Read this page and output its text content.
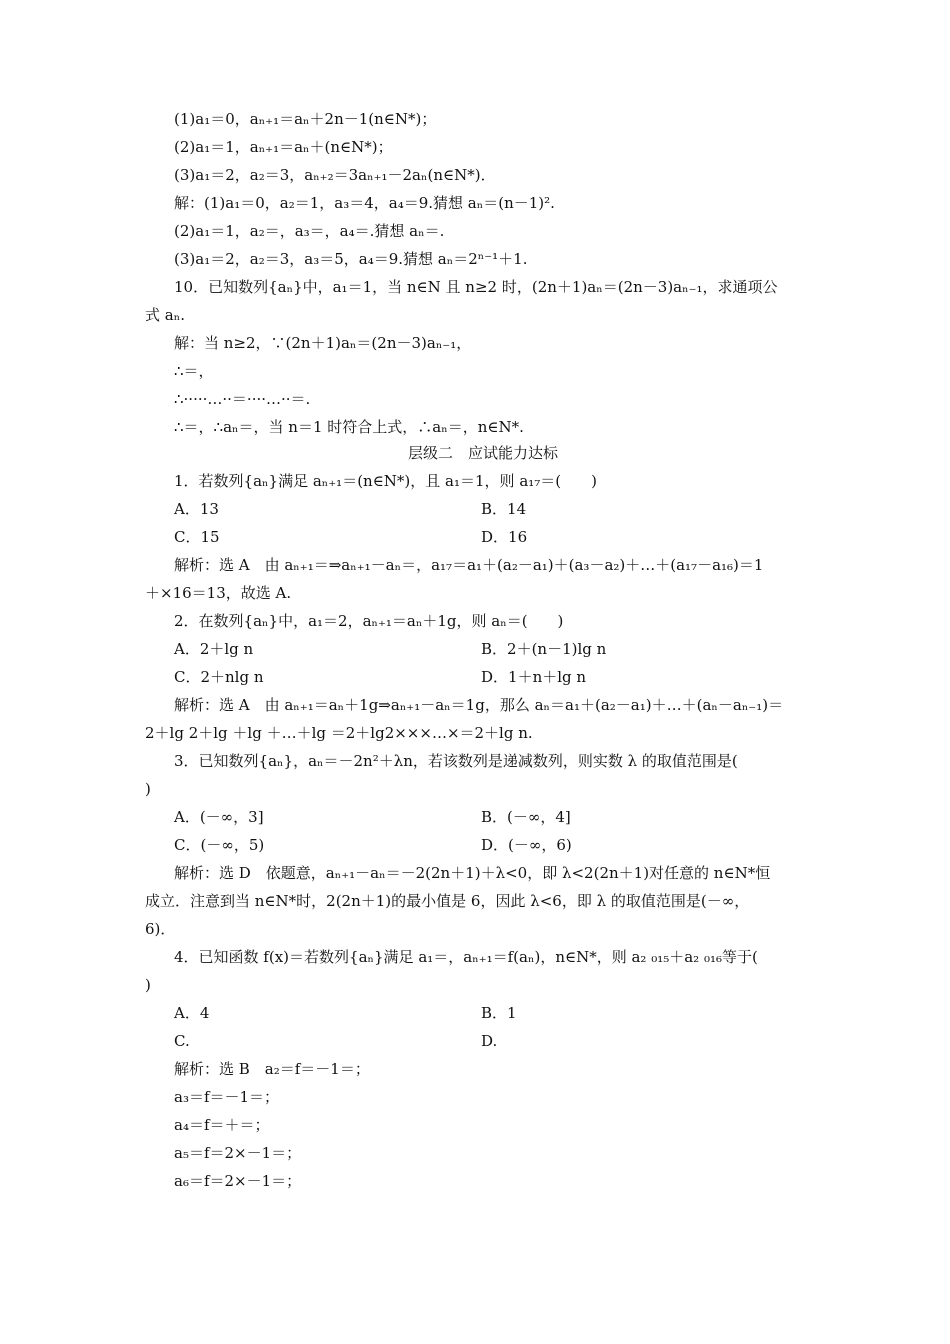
(1)a₁＝0，aₙ₊₁＝aₙ＋2n－1(n∈N*)；
(2)a₁＝1，aₙ₊₁＝aₙ＋(n∈N*)；
(3)a₁＝2，a₂＝3，aₙ₊₂＝3aₙ₊₁－2aₙ(n∈N*)．
解：(1)a₁＝0，a₂＝1，a₃＝4，a₄＝9.猜想 aₙ＝(n－1)².
(2)a₁＝1，a₂＝，a₃＝，a₄＝.猜想 aₙ＝.
(3)a₁＝2，a₂＝3，a₃＝5，a₄＝9.猜想 aₙ＝2ⁿ⁻¹＋1.
10．已知数列{aₙ}中，a₁＝1，当 n∈N 且 n≥2 时，(2n＋1)aₙ＝(2n－3)aₙ₋₁，求通项公
式 aₙ.
解：当 n≥2，∵(2n＋1)aₙ＝(2n－3)aₙ₋₁，
∴＝，
∴·····…··＝····…··＝.
∴＝，∴aₙ＝，当 n＝1 时符合上式，∴aₙ＝，n∈N*.
层级二　应试能力达标
1．若数列{aₙ}满足 aₙ₊₁＝(n∈N*)，且 a₁＝1，则 a₁₇＝(　　)
A．13	B．14
C．15	D．16
解析：选 A　由 aₙ₊₁＝⇒aₙ₊₁－aₙ＝，a₁₇＝a₁＋(a₂－a₁)＋(a₃－a₂)＋…＋(a₁₇－a₁₆)＝1
＋×16＝13，故选 A.
2．在数列{aₙ}中，a₁＝2，aₙ₊₁＝aₙ＋1g，则 aₙ＝(　　)
A．2＋lg n	B．2＋(n－1)lg n
C．2＋nlg n	D．1＋n＋lg n
解析：选 A　由 aₙ₊₁＝aₙ＋1g⇒aₙ₊₁－aₙ＝1g，那么 aₙ＝a₁＋(a₂－a₁)＋…＋(aₙ－aₙ₋₁)＝
2＋lg 2＋lg ＋lg ＋…＋lg ＝2＋lg2×××…×＝2＋lg n.
3．已知数列{aₙ}，aₙ＝－2n²＋λn，若该数列是递减数列，则实数 λ 的取值范围是(
)
A．(－∞，3]	B．(－∞，4]
C．(－∞，5)	D．(－∞，6)
解析：选 D　依题意，aₙ₊₁－aₙ＝－2(2n＋1)＋λ<0，即 λ<2(2n＋1)对任意的 n∈N*恒
成立．注意到当 n∈N*时，2(2n＋1)的最小值是 6，因此 λ<6，即 λ 的取值范围是(－∞，
6)．
4．已知函数 f(x)＝若数列{aₙ}满足 a₁＝，aₙ₊₁＝f(aₙ)，n∈N*，则 a₂ ₀₁₅＋a₂ ₀₁₆等于(
)
A．4	B．1
C.	D.
解析：选 B　a₂＝f＝－1＝；
a₃＝f＝－1＝；
a₄＝f＝＋＝；
a₅＝f＝2×－1＝；
a₆＝f＝2×－1＝；
